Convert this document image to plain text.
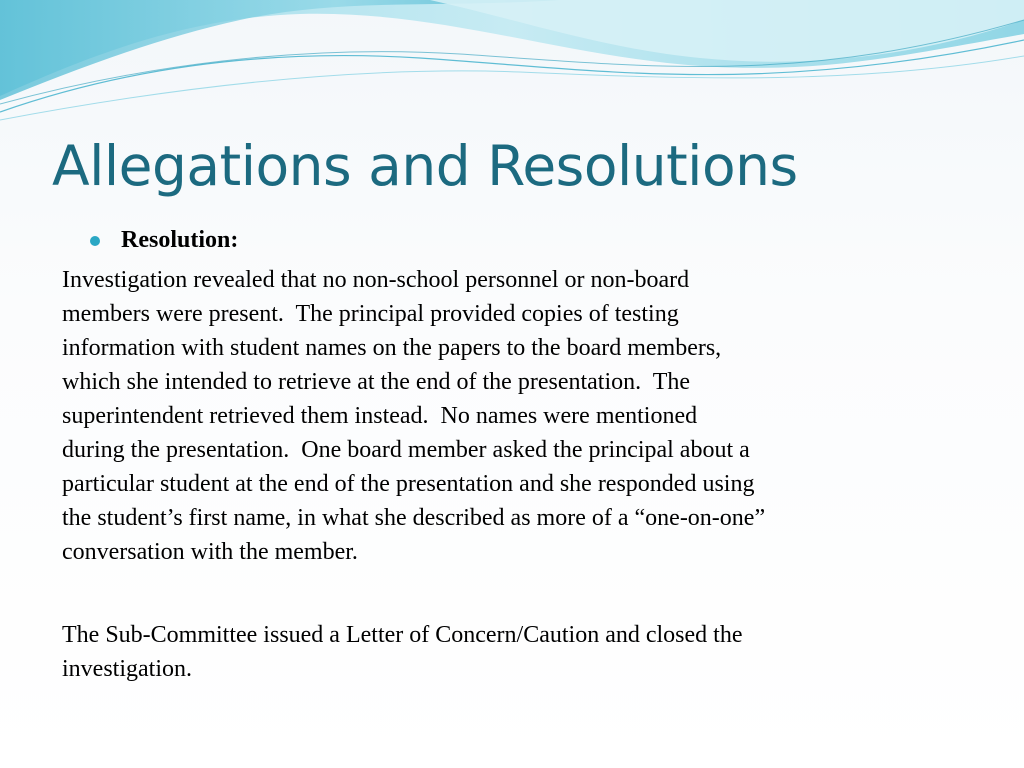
Allegations and Resolutions
Resolution:
Investigation revealed that no non-school personnel or non-board
members were present.  The principal provided copies of testing
information with student names on the papers to the board members,
which she intended to retrieve at the end of the presentation.  The
superintendent retrieved them instead.  No names were mentioned
during the presentation.  One board member asked the principal about a
particular student at the end of the presentation and she responded using
the student’s first name, in what she described as more of a “one-on-one”
conversation with the member.
The Sub-Committee issued a Letter of Concern/Caution and closed the
investigation.
